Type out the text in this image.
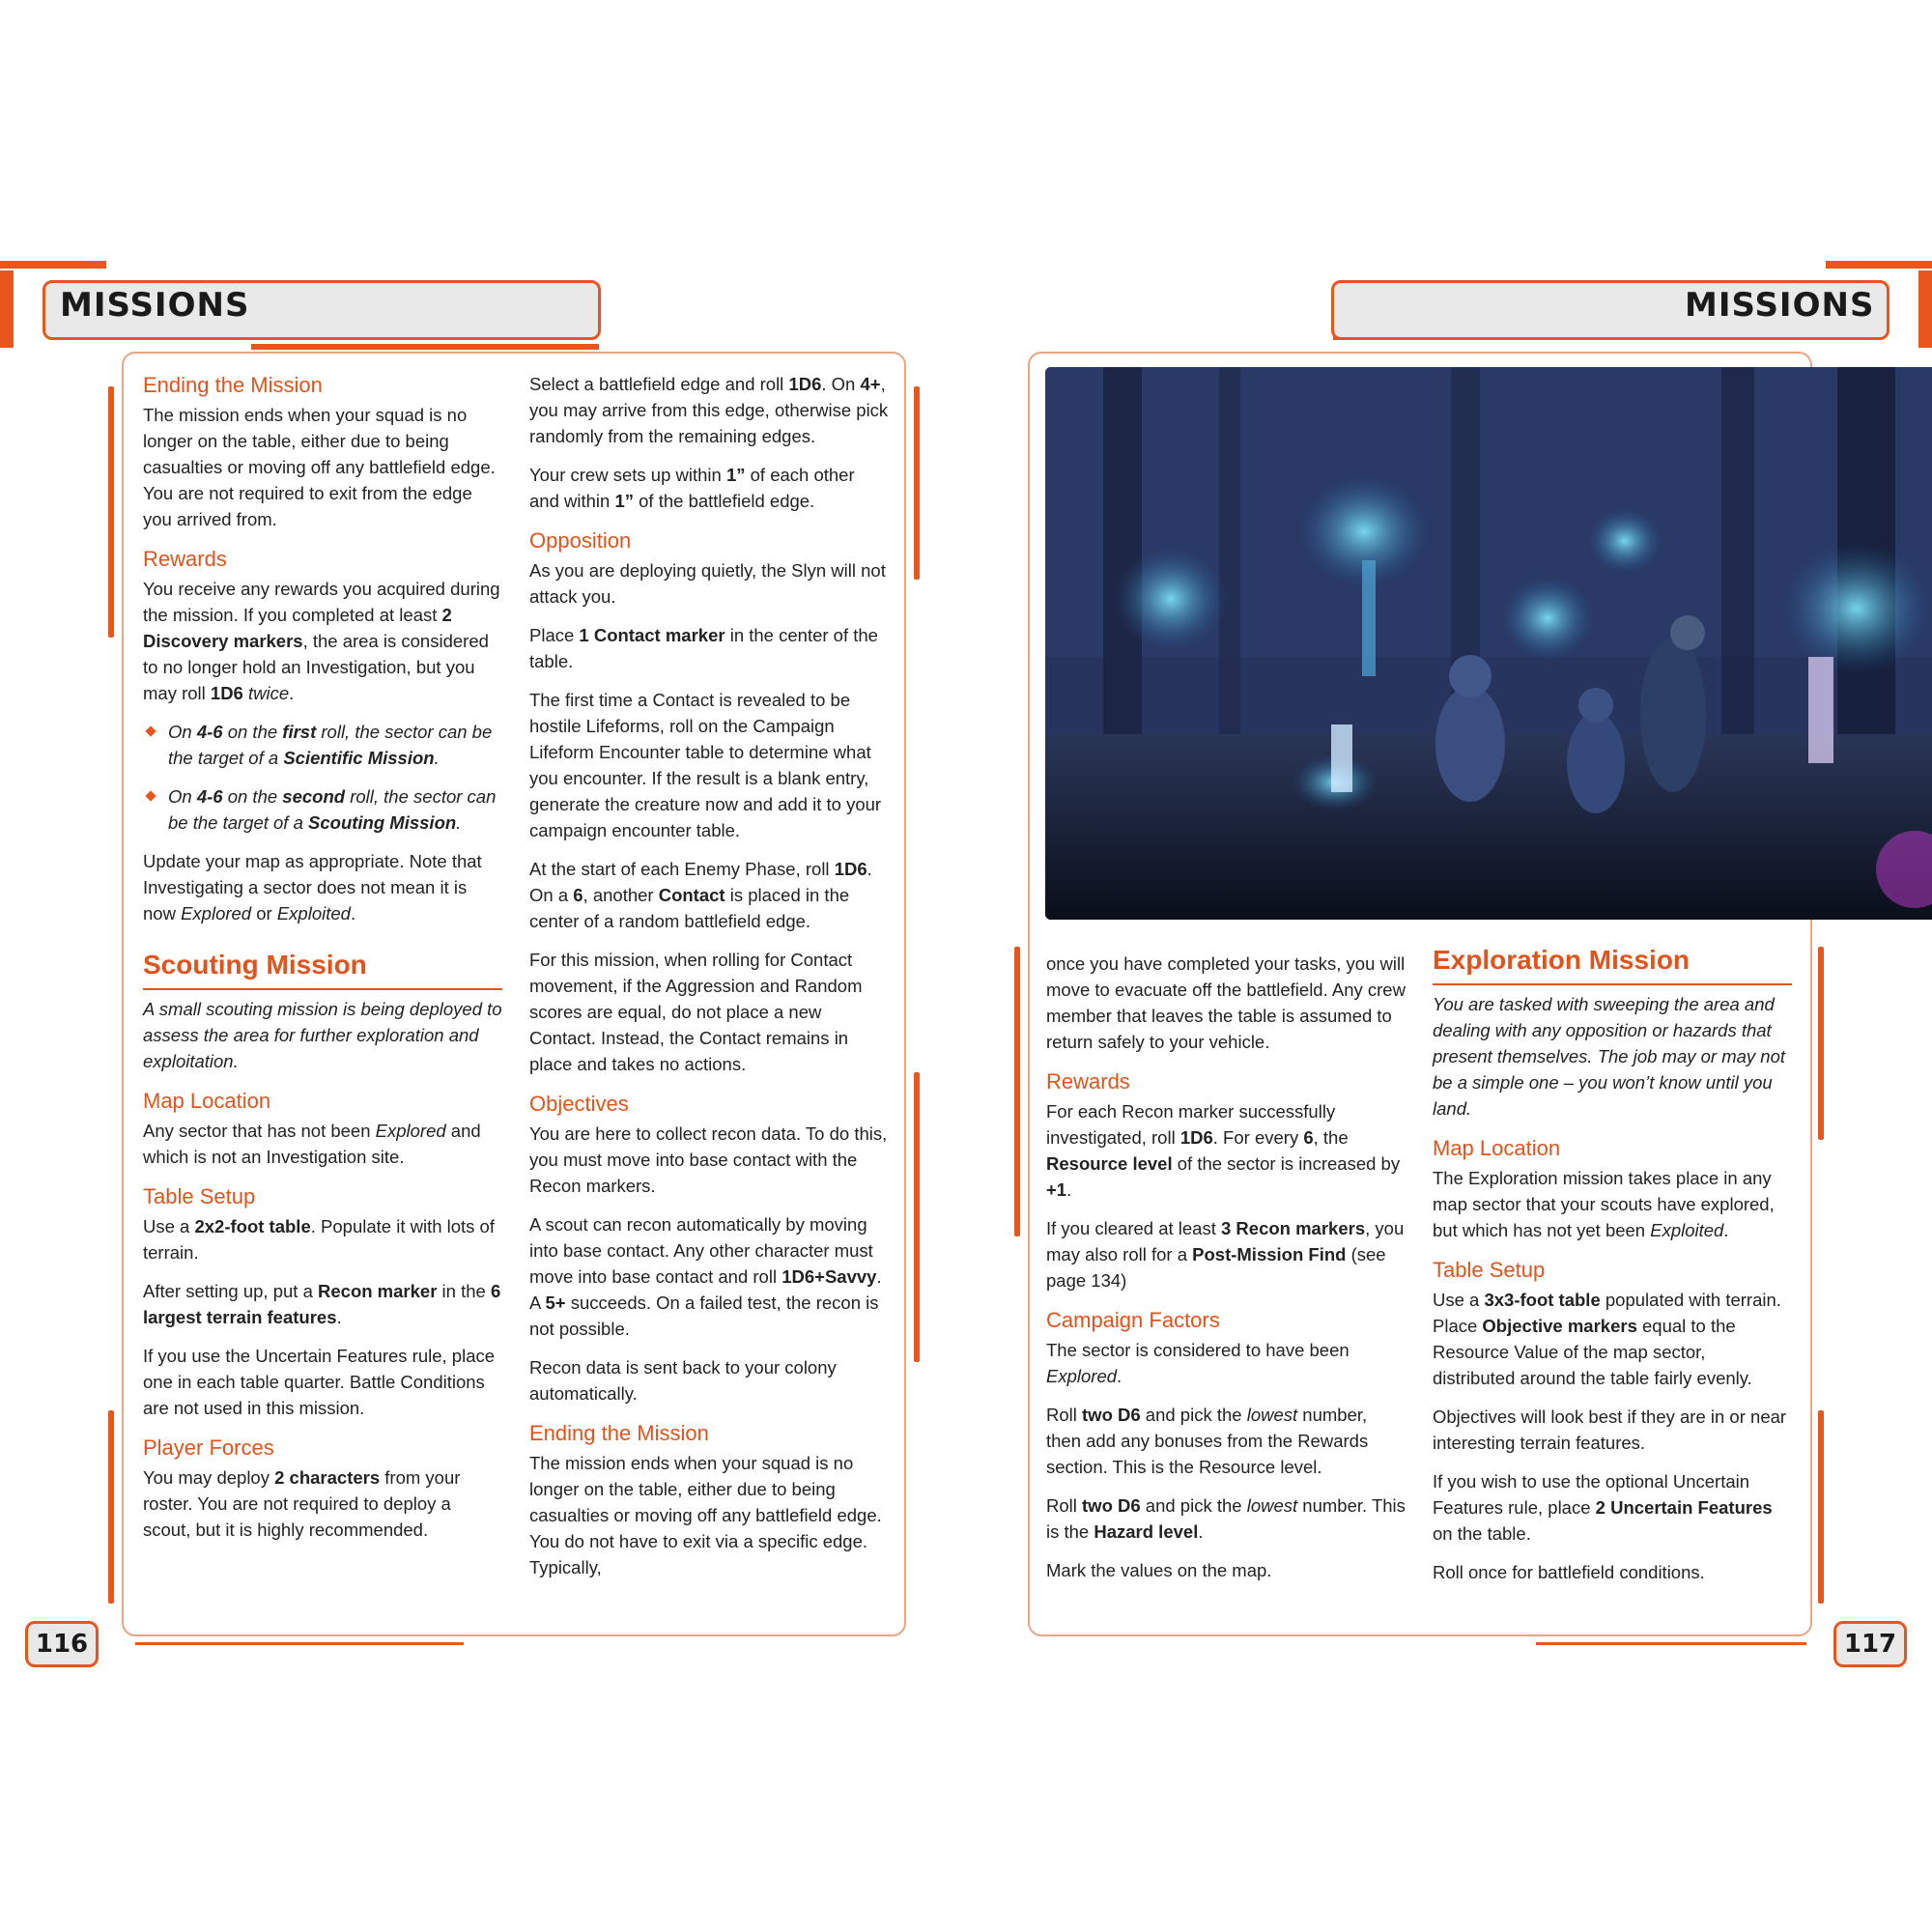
MISSIONS	MISSIONS
116	117
Ending the Mission

The mission ends when your squad is no longer on the table, either due to being casualties or moving off any battlefield edge. You are not required to exit from the edge you arrived from.

Rewards

You receive any rewards you acquired during the mission. If you completed at least 2 Discovery markers, the area is considered to no longer hold an Investigation, but you may roll 1D6 twice.

On 4-6 on the first roll, the sector can be the target of a Scientific Mission.
On 4-6 on the second roll, the sector can be the target of a Scouting Mission.

Update your map as appropriate. Note that Investigating a sector does not mean it is now Explored or Exploited.

Scouting Mission

A small scouting mission is being deployed to assess the area for further exploration and exploitation.

Map Location

Any sector that has not been Explored and which is not an Investigation site.

Table Setup

Use a 2x2-foot table. Populate it with lots of terrain.

After setting up, put a Recon marker in the 6 largest terrain features.

If you use the Uncertain Features rule, place one in each table quarter. Battle Conditions are not used in this mission.

Player Forces

You may deploy 2 characters from your roster. You are not required to deploy a scout, but it is highly recommended.

Select a battlefield edge and roll 1D6. On 4+, you may arrive from this edge, otherwise pick randomly from the remaining edges.

Your crew sets up within 1” of each other and within 1” of the battlefield edge.

Opposition

As you are deploying quietly, the Slyn will not attack you.

Place 1 Contact marker in the center of the table.

The first time a Contact is revealed to be hostile Lifeforms, roll on the Campaign Lifeform Encounter table to determine what you encounter. If the result is a blank entry, generate the creature now and add it to your campaign encounter table.

At the start of each Enemy Phase, roll 1D6. On a 6, another Contact is placed in the center of a random battlefield edge.

For this mission, when rolling for Contact movement, if the Aggression and Random scores are equal, do not place a new Contact. Instead, the Contact remains in place and takes no actions.

Objectives

You are here to collect recon data. To do this, you must move into base contact with the Recon markers.

A scout can recon automatically by moving into base contact. Any other character must move into base contact and roll 1D6+Savvy. A 5+ succeeds. On a failed test, the recon is not possible.

Recon data is sent back to your colony automatically.

Ending the Mission

The mission ends when your squad is no longer on the table, either due to being casualties or moving off any battlefield edge. You do not have to exit via a specific edge. Typically,

once you have completed your tasks, you will move to evacuate off the battlefield. Any crew member that leaves the table is assumed to return safely to your vehicle.

Rewards

For each Recon marker successfully investigated, roll 1D6. For every 6, the Resource level of the sector is increased by +1.

If you cleared at least 3 Recon markers, you may also roll for a Post-Mission Find (see page 134)

Campaign Factors

The sector is considered to have been Explored.

Roll two D6 and pick the lowest number, then add any bonuses from the Rewards section. This is the Resource level.

Roll two D6 and pick the lowest number. This is the Hazard level.

Mark the values on the map.

Exploration Mission

You are tasked with sweeping the area and dealing with any opposition or hazards that present themselves. The job may or may not be a simple one – you won’t know until you land.

Map Location

The Exploration mission takes place in any map sector that your scouts have explored, but which has not yet been Exploited.

Table Setup

Use a 3x3-foot table populated with terrain. Place Objective markers equal to the Resource Value of the map sector, distributed around the table fairly evenly.

Objectives will look best if they are in or near interesting terrain features.

If you wish to use the optional Uncertain Features rule, place 2 Uncertain Features on the table.

Roll once for battlefield conditions.
